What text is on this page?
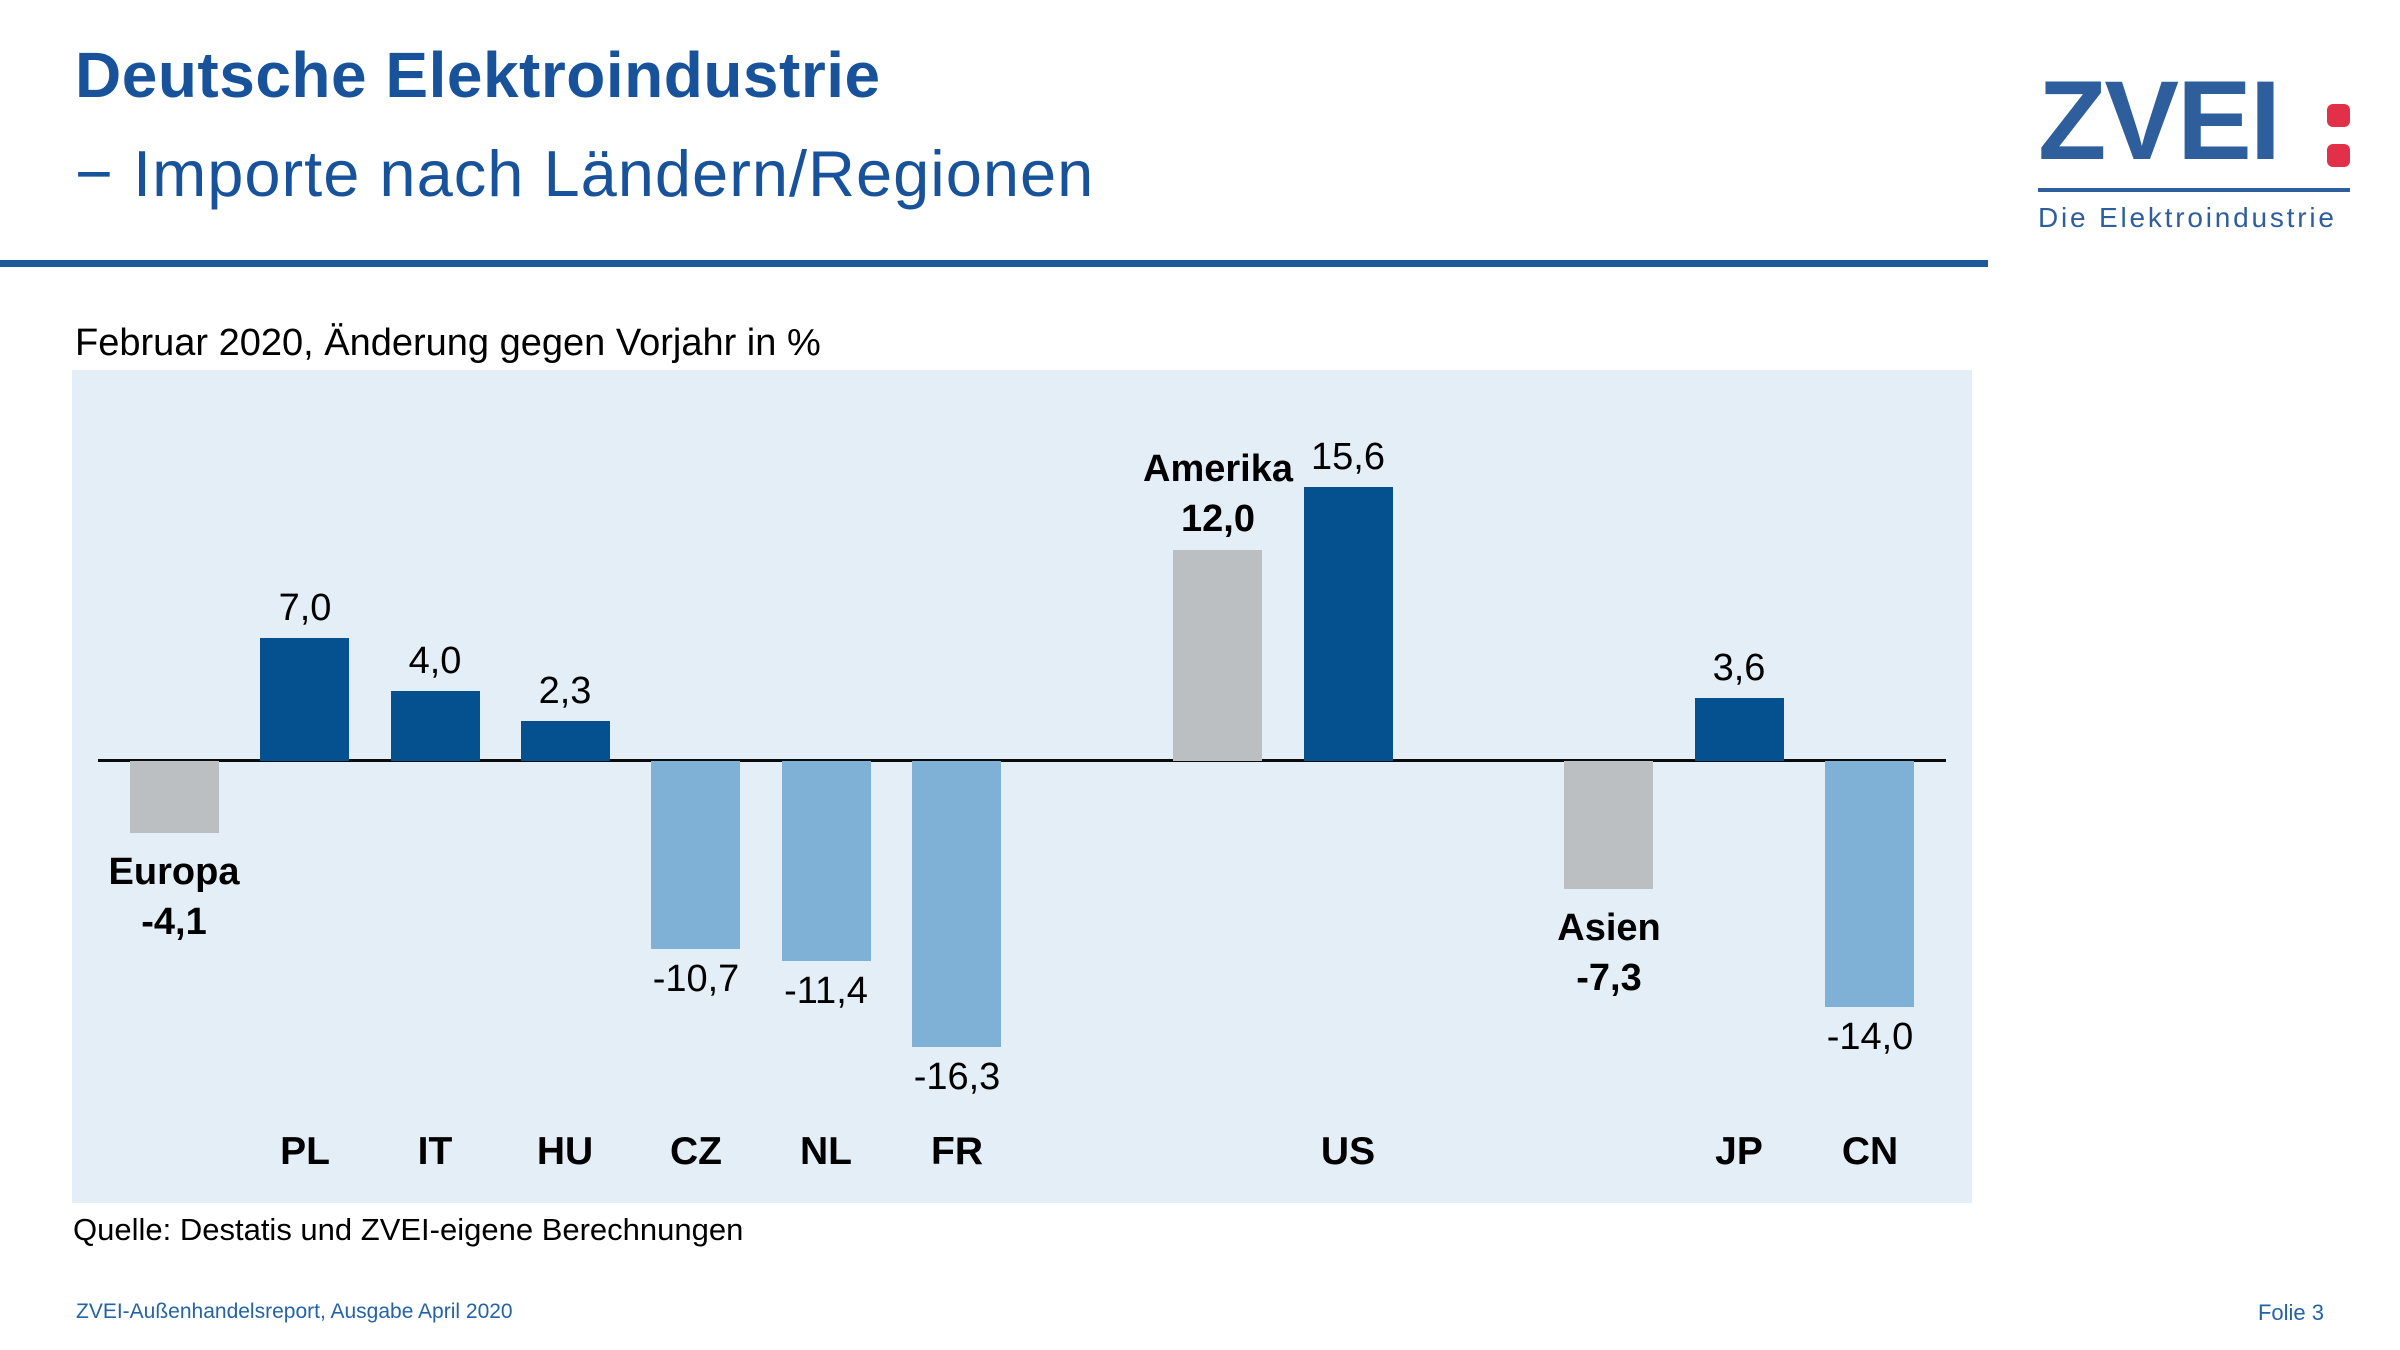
Deutsche Elektroindustrie
− Importe nach Ländern/Regionen	ZVEI
Die Elektroindustrie
Februar 2020, Änderung gegen Vorjahr in %
Europa
-4,1
7,0
PL
4,0
IT
2,3
HU
-10,7
CZ
-11,4
NL
-16,3
FR
Amerika
12,0
15,6
US
Asien
-7,3
3,6
JP
-14,0
CN
Quelle: Destatis und ZVEI-eigene Berechnungen
ZVEI-Außenhandelsreport, Ausgabe April 2020	Folie 3
